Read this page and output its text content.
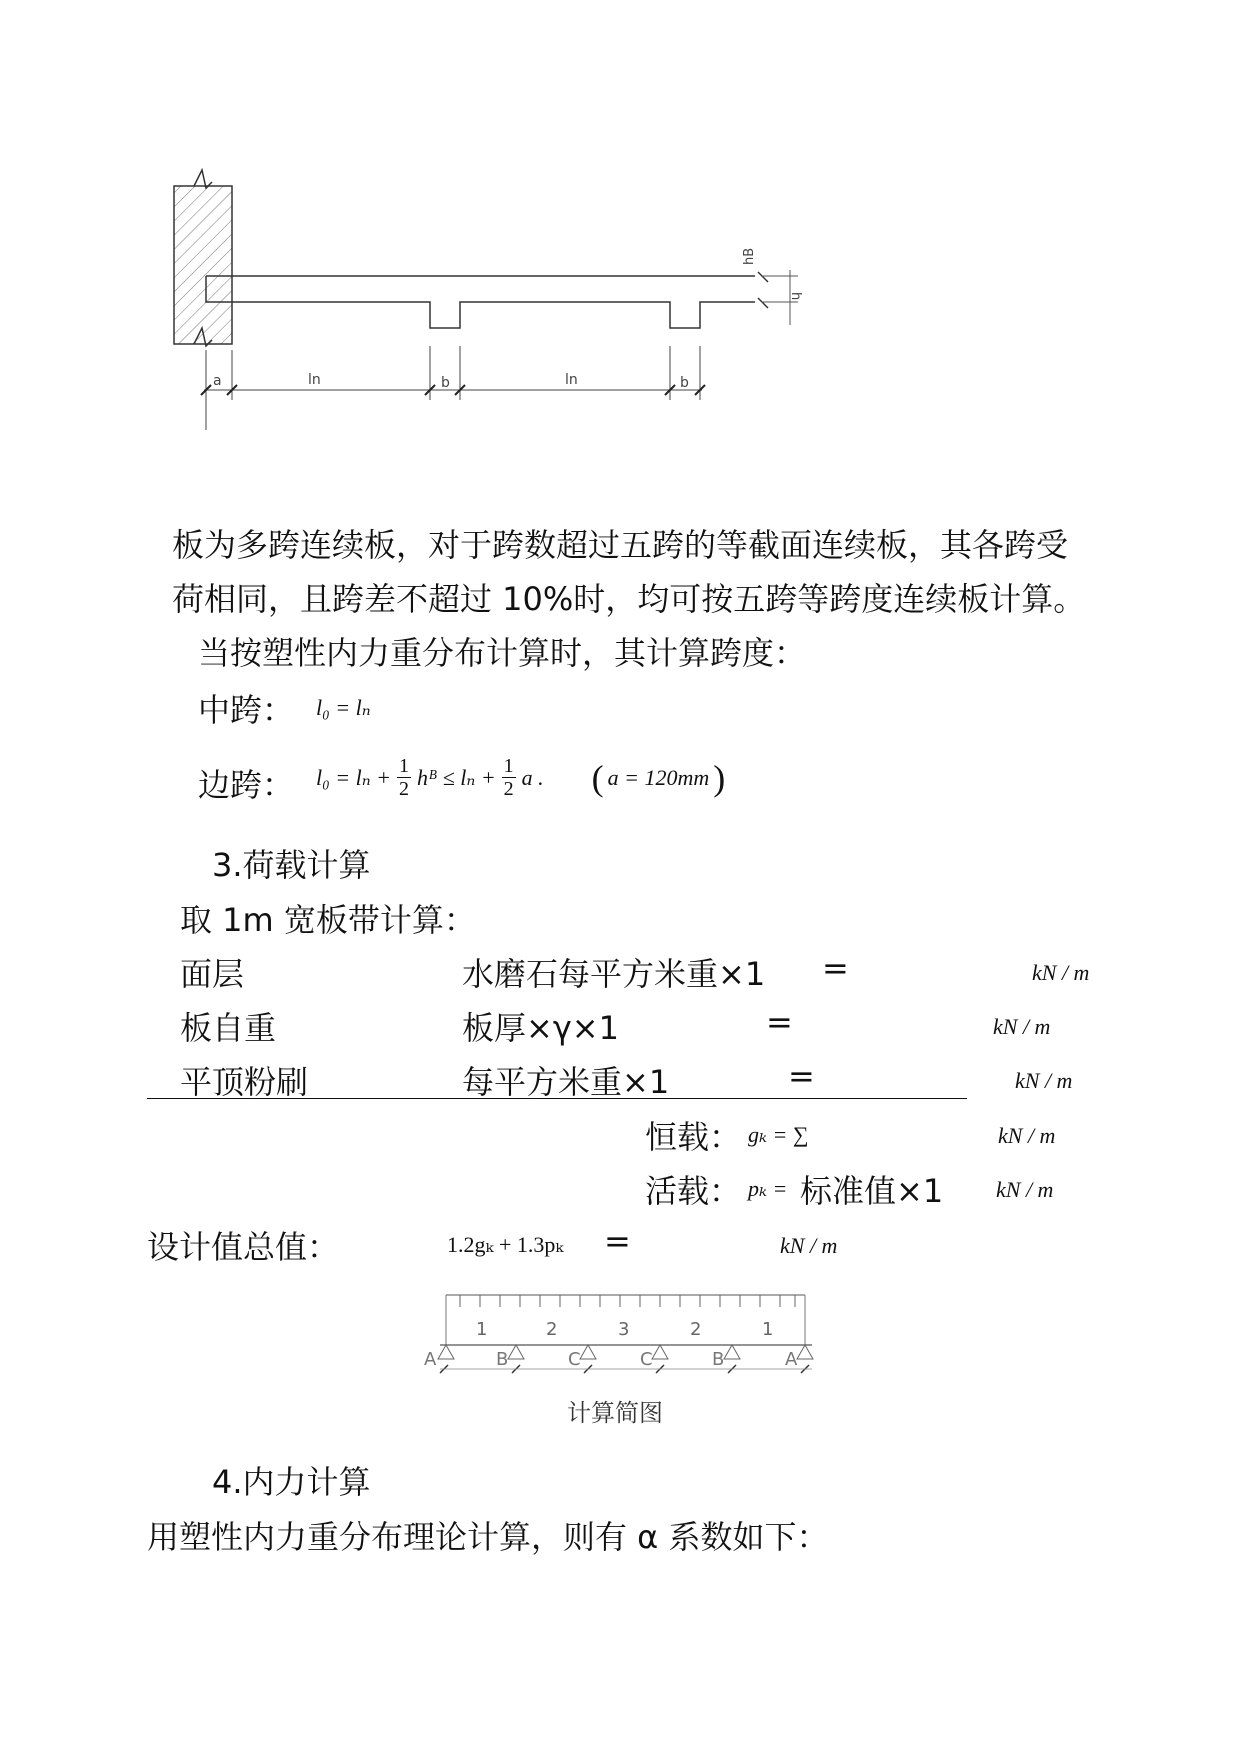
hB
h
a	ln	b	ln	b
板为多跨连续板，对于跨数超过五跨的等截面连续板，其各跨受
荷相同，且跨差不超过 10%时，均可按五跨等跨度连续板计算。
当按塑性内力重分布计算时，其计算跨度：
中跨： l₀ = lₙ
边跨： $l_0 = l_n + \frac{1}{2}$ hᴮ ≤ $l_n + \frac{1}{2}$ a . ( a = 120mm )
3.荷载计算
取 1m 宽板带计算：
面层	水磨石每平方米重×1 =	kN / m
板自重	板厚×γ×1	=	kN / m
平顶粉刷	每平方米重×1	=	kN / m
恒载： gₖ = ∑	kN / m
活载： pₖ = 标准值×1 kN / m
设计值总值：	1.2gₖ + 1.3pₖ =	kN / m
1	2	3	2	1
A	B	C	C	B	A
计算简图
4.内力计算
用塑性内力重分布理论计算，则有 α 系数如下：
